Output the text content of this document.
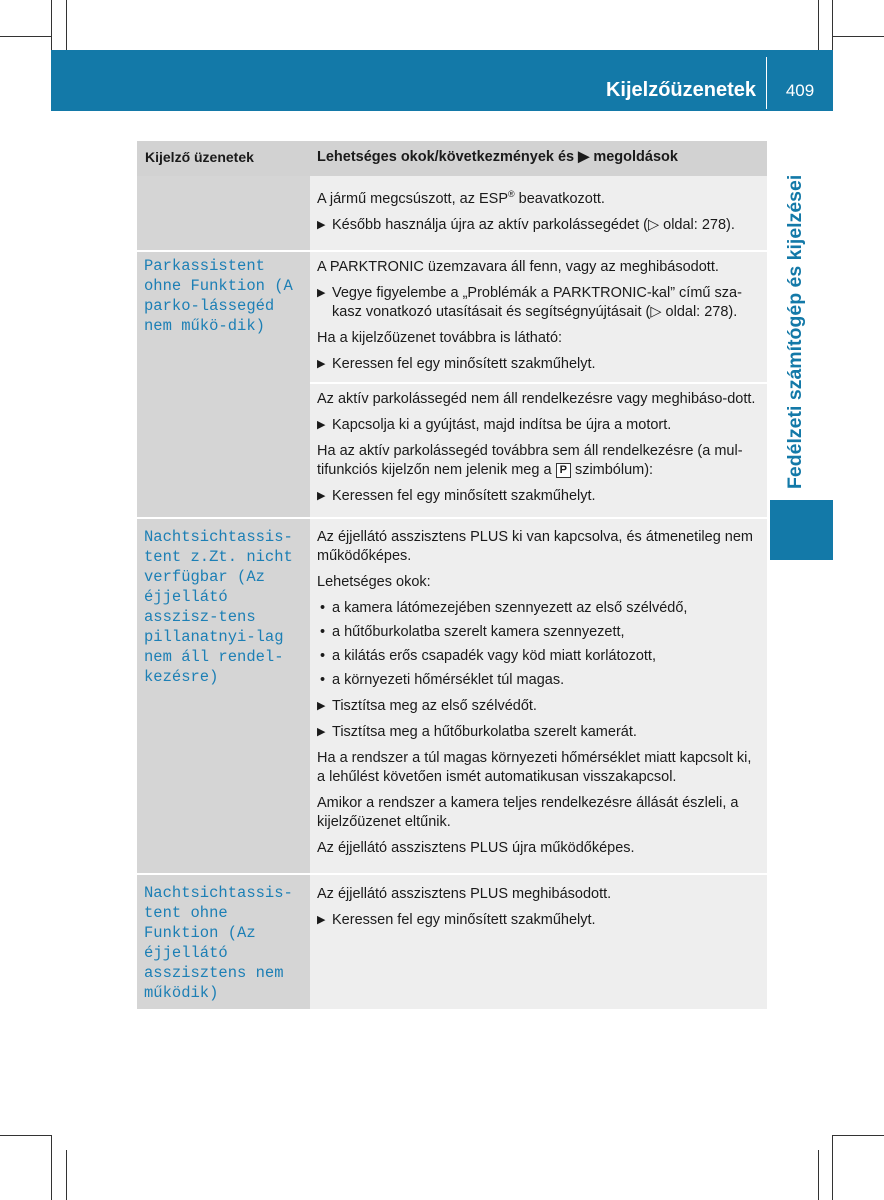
Kijelzőüzenetek	409
Fedélzeti számítógép és kijelzései
Kijelző üzenetek	Lehetséges okok/következmények és ▶ megoldások
A jármű megcsúszott, az ESP® beavatkozott.
▶ Később használja újra az aktív parkolássegédet (▷ oldal: 278).
Parkassistent ohne Funktion (A parko-lássegéd nem műkö-dik)
A PARKTRONIC üzemzavara áll fenn, vagy az meghibásodott.
▶ Vegye figyelembe a „Problémák a PARKTRONIC-kal” című sza-kasz vonatkozó utasításait és segítségnyújtásait (▷ oldal: 278).
Ha a kijelzőüzenet továbbra is látható:
▶ Keressen fel egy minősített szakműhelyt.
Az aktív parkolássegéd nem áll rendelkezésre vagy meghibáso-dott.
▶ Kapcsolja ki a gyújtást, majd indítsa be újra a motort.
Ha az aktív parkolássegéd továbbra sem áll rendelkezésre (a mul-tifunkciós kijelzőn nem jelenik meg a P szimbólum):
▶ Keressen fel egy minősített szakműhelyt.
Nachtsichtassis-tent z.Zt. nicht verfügbar (Az éjjellátó asszisz-tens pillanatnyi-lag nem áll rendel-kezésre)
Az éjjellátó asszisztens PLUS ki van kapcsolva, és átmenetileg nem működőképes.
Lehetséges okok:
• a kamera látómezejében szennyezett az első szélvédő,
• a hűtőburkolatba szerelt kamera szennyezett,
• a kilátás erős csapadék vagy köd miatt korlátozott,
• a környezeti hőmérséklet túl magas.
▶ Tisztítsa meg az első szélvédőt.
▶ Tisztítsa meg a hűtőburkolatba szerelt kamerát.
Ha a rendszer a túl magas környezeti hőmérséklet miatt kapcsolt ki, a lehűlést követően ismét automatikusan visszakapcsol.
Amikor a rendszer a kamera teljes rendelkezésre állását észleli, a kijelzőüzenet eltűnik.
Az éjjellátó asszisztens PLUS újra működőképes.
Nachtsichtassis-tent ohne Funktion (Az éjjellátó asszisztens nem működik)
Az éjjellátó asszisztens PLUS meghibásodott.
▶ Keressen fel egy minősített szakműhelyt.
